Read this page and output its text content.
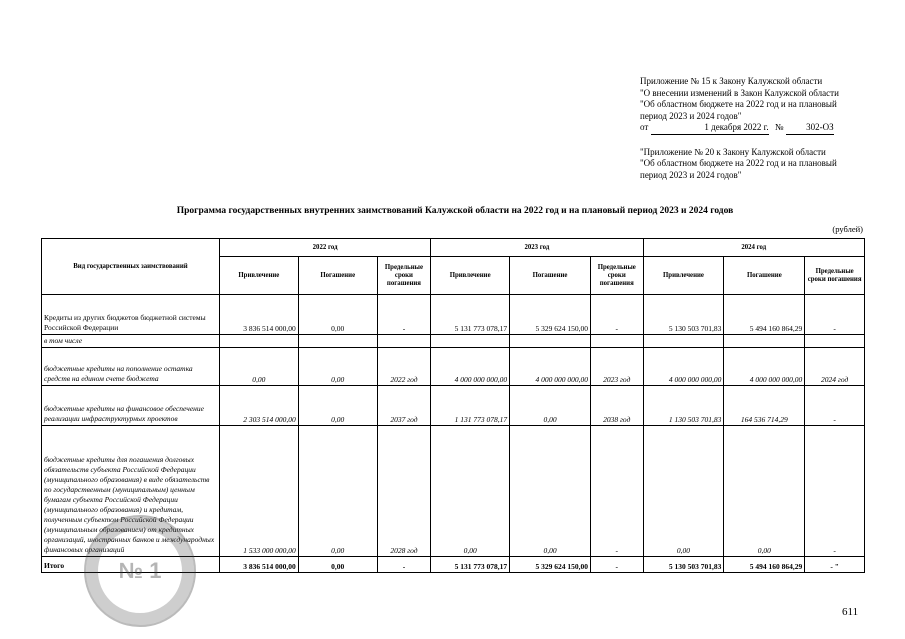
Приложение № 15 к Закону Калужской области
"О внесении изменений в Закон Калужской области
"Об областном бюджете на 2022 год и на плановый
период 2023 и 2024 годов"
от	1 декабря 2022 г. №	302-ОЗ
"Приложение № 20 к Закону Калужской области
"Об областном бюджете на 2022 год и на плановый
период 2023 и 2024 годов"
Программа государственных внутренних заимствований Калужской области на 2022 год и на плановый период 2023 и 2024 годов
(рублей)
Вид государственных заимствований	2022 год			2023 год			2024 год		
	Привлечение	Погашение	Предельные сроки погашения	Привлечение	Погашение	Предельные сроки погашения	Привлечение	Погашение	Предельные сроки погашения
Кредиты из других бюджетов бюджетной системы Российской Федерации	3 836 514 000,00	0,00	-	5 131 773 078,17	5 329 624 150,00	-	5 130 503 701,83	5 494 160 864,29	-
в том числе									
бюджетные кредиты на пополнение остатка средств на едином счете бюджета	0,00	0,00	2022 год	4 000 000 000,00	4 000 000 000,00	2023 год	4 000 000 000,00	4 000 000 000,00	2024 год
бюджетные кредиты на финансовое обеспечение реализации инфраструктурных проектов	2 303 514 000,00	0,00	2037 год	1 131 773 078,17	0,00	2038 год	1 130 503 701,83	164 536 714,29	-
бюджетные кредиты для погашения долговых обязательств субъекта Российской Федерации (муниципального образования) в виде обязательств по государственным (муниципальным) ценным бумагам субъекта Российской Федерации (муниципального образования) и кредитам, полученным субъектом Российской Федерации (муниципальным образованием) от кредитных организаций, иностранных банков и международных финансовых организаций	1 533 000 000,00	0,00	2028 год	0,00	0,00	-	0,00	0,00	-
Итого	3 836 514 000,00	0,00	-	5 131 773 078,17	5 329 624 150,00	-	5 130 503 701,83	5 494 160 864,29	- "
№ 1
611
